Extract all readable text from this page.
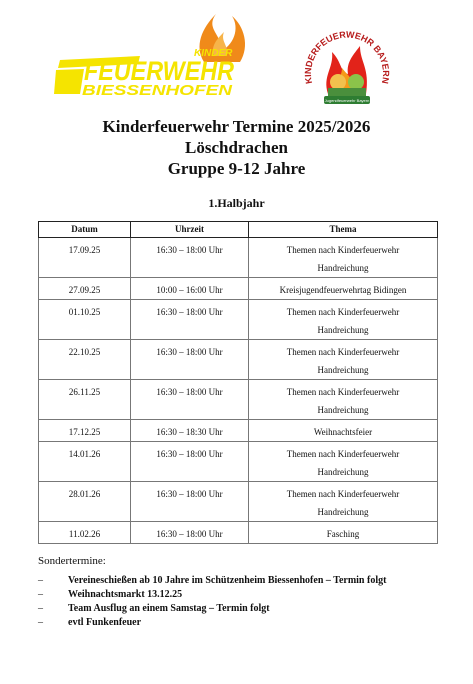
KINDER
FEUERWEHR
BIESSENHOFEN
Jugendfeuerwehr Bayern
KINDERFEUERWEHR BAYERN

Kinderfeuerwehr Termine 2025/2026

Löschdrachen

Gruppe 9-12 Jahre

1.Halbjahr
Datum	Uhrzeit	Thema
17.09.25	16:30 – 18:00 Uhr	Themen nach Kinderfeuerwehr
Handreichung

27.09.25	10:00 – 16:00 Uhr	Kreisjugendfeuerwehrtag Bidingen

01.10.25	16:30 – 18:00 Uhr	Themen nach Kinderfeuerwehr
Handreichung

22.10.25	16:30 – 18:00 Uhr	Themen nach Kinderfeuerwehr
Handreichung

26.11.25	16:30 – 18:00 Uhr	Themen nach Kinderfeuerwehr
Handreichung

17.12.25	16:30 – 18:30 Uhr	Weihnachtsfeier

14.01.26	16:30 – 18:00 Uhr	Themen nach Kinderfeuerwehr
Handreichung

28.01.26	16:30 – 18:00 Uhr	Themen nach Kinderfeuerwehr
Handreichung

11.02.26	16:30 – 18:00 Uhr	Fasching
Sondertermine:
–	Vereineschießen ab 10 Jahre im Schützenheim Biessenhofen – Termin folgt
–	Weihnachtsmarkt 13.12.25
–	Team Ausflug an einem Samstag – Termin folgt
–	evtl Funkenfeuer
